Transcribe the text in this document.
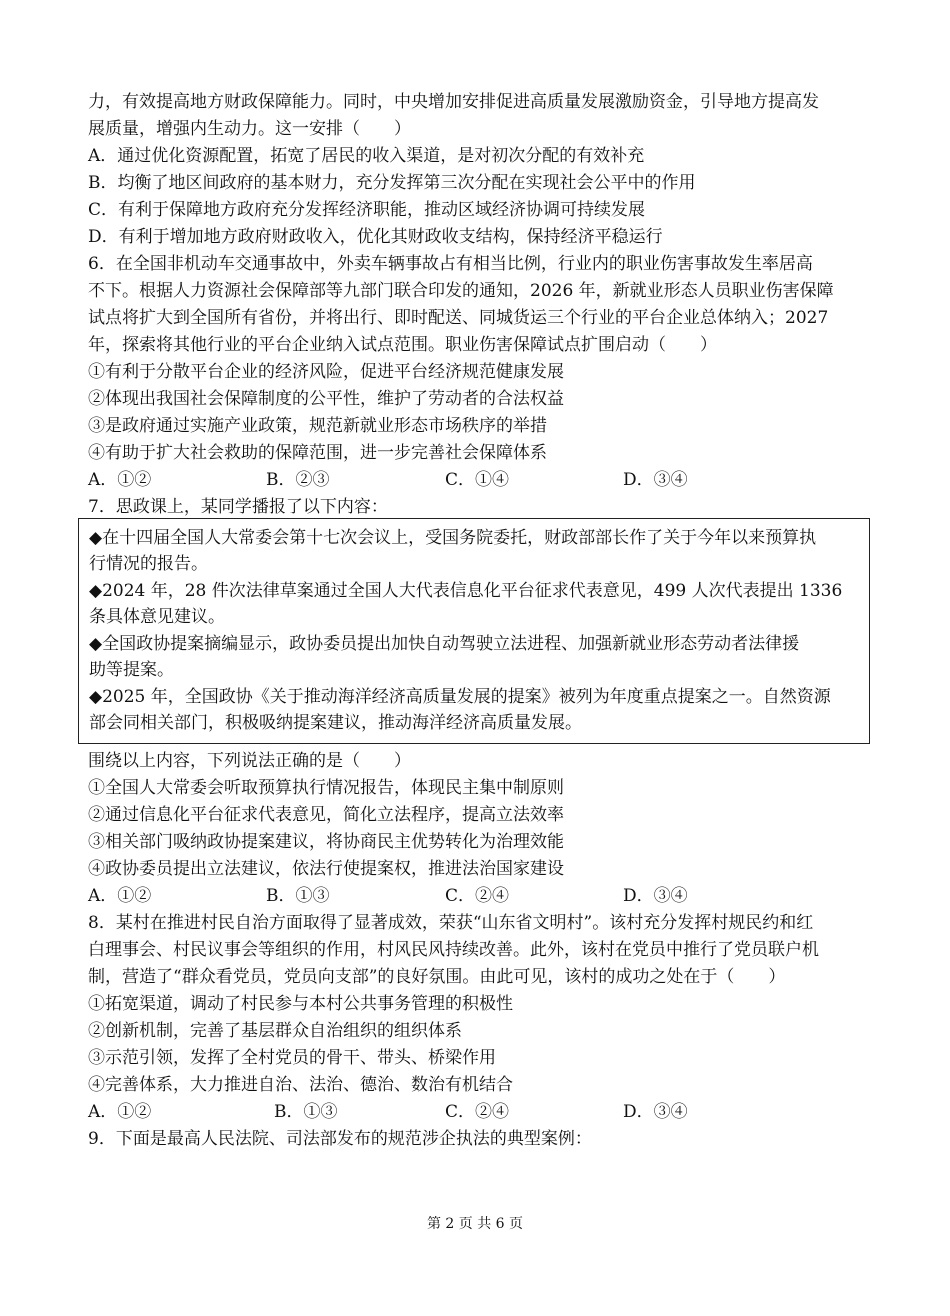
力，有效提高地方财政保障能力。同时，中央增加安排促进高质量发展激励资金，引导地方提高发
展质量，增强内生动力。这一安排（　　）
A．通过优化资源配置，拓宽了居民的收入渠道，是对初次分配的有效补充
B．均衡了地区间政府的基本财力，充分发挥第三次分配在实现社会公平中的作用
C．有利于保障地方政府充分发挥经济职能，推动区域经济协调可持续发展
D．有利于增加地方政府财政收入，优化其财政收支结构，保持经济平稳运行
6．在全国非机动车交通事故中，外卖车辆事故占有相当比例，行业内的职业伤害事故发生率居高
不下。根据人力资源社会保障部等九部门联合印发的通知，2026 年，新就业形态人员职业伤害保障
试点将扩大到全国所有省份，并将出行、即时配送、同城货运三个行业的平台企业总体纳入；2027
年，探索将其他行业的平台企业纳入试点范围。职业伤害保障试点扩围启动（　　）
①有利于分散平台企业的经济风险，促进平台经济规范健康发展
②体现出我国社会保障制度的公平性，维护了劳动者的合法权益
③是政府通过实施产业政策，规范新就业形态市场秩序的举措
④有助于扩大社会救助的保障范围，进一步完善社会保障体系
A．①②	B．②③	C．①④	D．③④
7．思政课上，某同学播报了以下内容：
◆在十四届全国人大常委会第十七次会议上，受国务院委托，财政部部长作了关于今年以来预算执
行情况的报告。
◆2024 年，28 件次法律草案通过全国人大代表信息化平台征求代表意见，499 人次代表提出 1336
条具体意见建议。
◆全国政协提案摘编显示，政协委员提出加快自动驾驶立法进程、加强新就业形态劳动者法律援
助等提案。
◆2025 年，全国政协《关于推动海洋经济高质量发展的提案》被列为年度重点提案之一。自然资源
部会同相关部门，积极吸纳提案建议，推动海洋经济高质量发展。
围绕以上内容，下列说法正确的是（　　）
①全国人大常委会听取预算执行情况报告，体现民主集中制原则
②通过信息化平台征求代表意见，简化立法程序，提高立法效率
③相关部门吸纳政协提案建议，将协商民主优势转化为治理效能
④政协委员提出立法建议，依法行使提案权，推进法治国家建设
A．①②	B．①③	C．②④	D．③④
8．某村在推进村民自治方面取得了显著成效，荣获“山东省文明村”。该村充分发挥村规民约和红
白理事会、村民议事会等组织的作用，村风民风持续改善。此外，该村在党员中推行了党员联户机
制，营造了“群众看党员，党员向支部”的良好氛围。由此可见，该村的成功之处在于（　　）
①拓宽渠道，调动了村民参与本村公共事务管理的积极性
②创新机制，完善了基层群众自治组织的组织体系
③示范引领，发挥了全村党员的骨干、带头、桥梁作用
④完善体系，大力推进自治、法治、德治、数治有机结合
A．①②	B．①③	C．②④	D．③④
9．下面是最高人民法院、司法部发布的规范涉企执法的典型案例：
第 2 页 共 6 页
